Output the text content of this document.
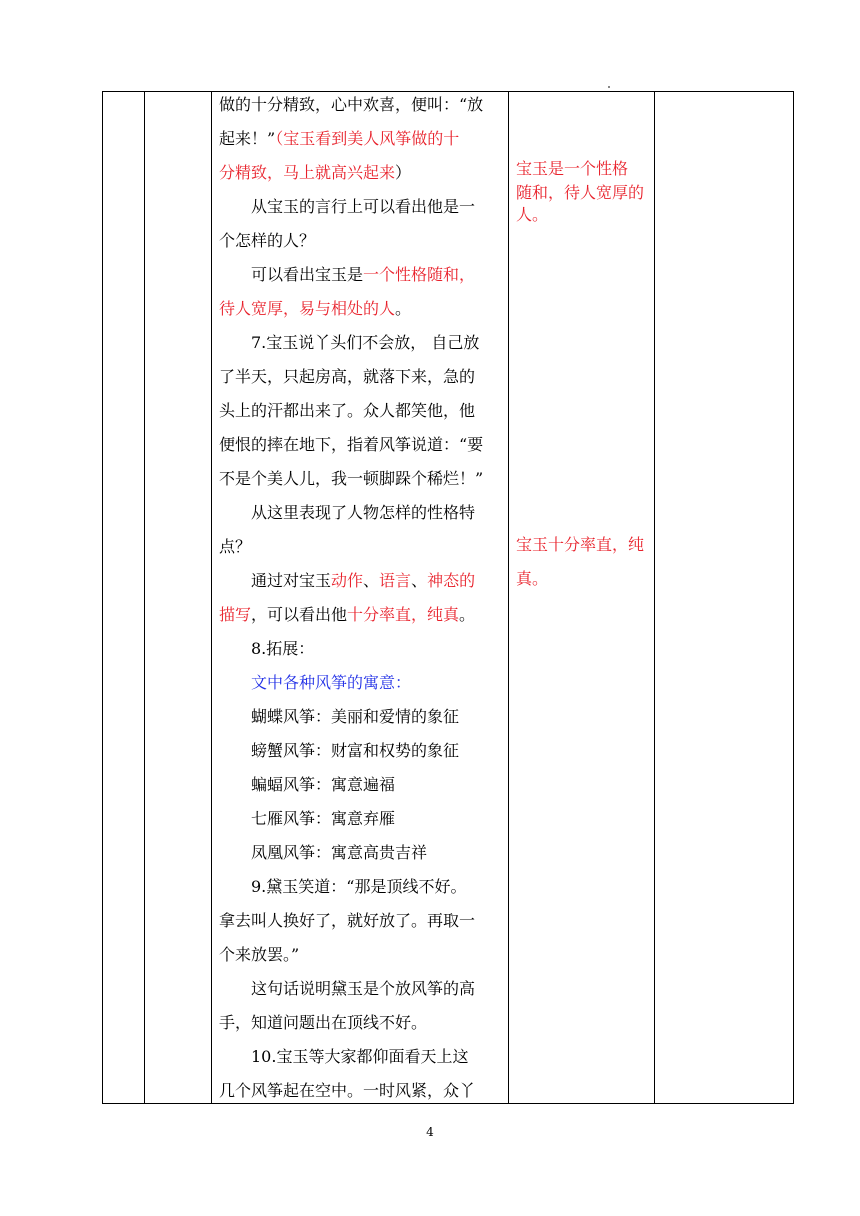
做的十分精致，心中欢喜，便叫：“放
起来！”（宝玉看到美人风筝做的十
分精致，马上就高兴起来）
从宝玉的言行上可以看出他是一
个怎样的人？
可以看出宝玉是一个性格随和，
待人宽厚，易与相处的人。
7.宝玉说丫头们不会放， 自己放
了半天，只起房高，就落下来，急的
头上的汗都出来了。众人都笑他，他
便恨的摔在地下，指着风筝说道：“要
不是个美人儿，我一顿脚跺个稀烂！”
从这里表现了人物怎样的性格特
点？
通过对宝玉动作、语言、神态的
描写，可以看出他十分率直，纯真。
8.拓展：
文中各种风筝的寓意：
蝴蝶风筝：美丽和爱情的象征
螃蟹风筝：财富和权势的象征
蝙蝠风筝：寓意遍福
七雁风筝：寓意弃雁
凤凰风筝：寓意高贵吉祥
9.黛玉笑道：“那是顶线不好。
拿去叫人换好了，就好放了。再取一
个来放罢。”
这句话说明黛玉是个放风筝的高
手，知道问题出在顶线不好。
10.宝玉等大家都仰面看天上这
几个风筝起在空中。一时风紧，众丫
宝玉是一个性格
随和，待人宽厚的
人。
宝玉十分率直，纯
真。
4
